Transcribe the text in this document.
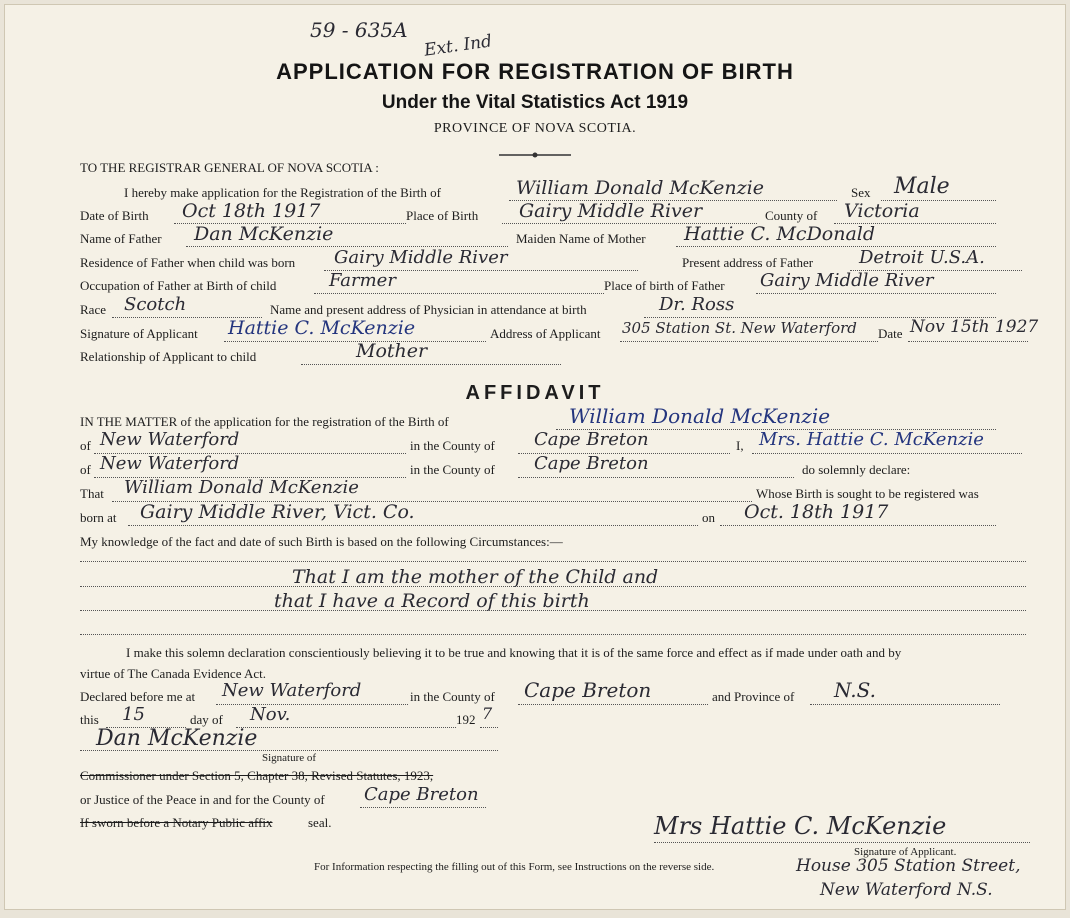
59 - 635A
Ext. Ind
APPLICATION FOR REGISTRATION OF BIRTH
Under the Vital Statistics Act 1919
PROVINCE OF NOVA SCOTIA.
TO THE REGISTRAR GENERAL OF NOVA SCOTIA :
I hereby make application for the Registration of the Birth of	William Donald McKenzie	Sex Male
Date of Birth Oct 18th 1917	Place of Birth Gairy Middle River	County of Victoria
Name of Father Dan McKenzie	Maiden Name of Mother Hattie C. McDonald
Residence of Father when child was born Gairy Middle River	Present address of Father	Detroit U.S.A.
Occupation of Father at Birth of child	Farmer	Place of birth of Father Gairy Middle River
Race Scotch	Name and present address of Physician in attendance at birth	Dr. Ross
Signature of Applicant Hattie C. McKenzie	Address of Applicant 305 Station St. New Waterford Date Nov 15th 1927
Relationship of Applicant to child	Mother
AFFIDAVIT
IN THE MATTER of the application for the registration of the Birth of	William Donald McKenzie
of New Waterford	in the County of Cape Breton	I, Mrs. Hattie C. McKenzie
of New Waterford	in the County of Cape Breton	do solemnly declare:
That William Donald McKenzie	Whose Birth is sought to be registered was
born at Gairy Middle River, Vict. Co.	on Oct. 18th 1917
My knowledge of the fact and date of such Birth is based on the following Circumstances:—
That I am the mother of the Child and
that I have a Record of this birth
I make this solemn declaration conscientiously believing it to be true and knowing that it is of the same force and effect as if made under oath and by
virtue of The Canada Evidence Act.
Declared before me at New Waterford	in the County of Cape Breton	and Province of N.S.
this 15	day of Nov.	192 7
Dan McKenzie
Signature of
Commissioner under Section 5, Chapter 38, Revised Statutes, 1923,
or Justice of the Peace in and for the County of Cape Breton
If sworn before a Notary Public affix	seal.	Mrs Hattie C. McKenzie
Signature of Applicant.
For Information respecting the filling out of this Form, see Instructions on the reverse side.	House 305 Station Street,
New Waterford N.S.
